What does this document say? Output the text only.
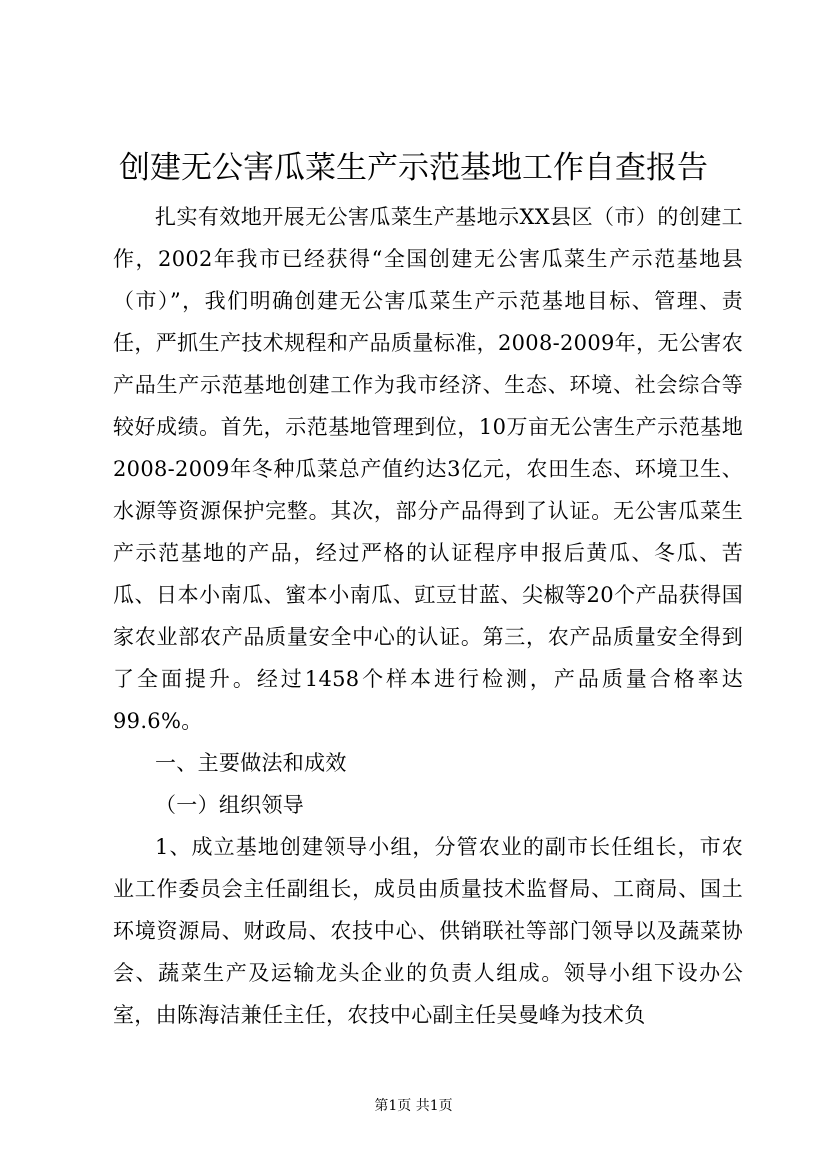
创建无公害瓜菜生产示范基地工作自查报告

扎实有效地开展无公害瓜菜生产基地示XX县区（市）的创建工作，2002年我市已经获得“全国创建无公害瓜菜生产示范基地县（市）”，我们明确创建无公害瓜菜生产示范基地目标、管理、责任，严抓生产技术规程和产品质量标准，2008-2009年，无公害农产品生产示范基地创建工作为我市经济、生态、环境、社会综合等较好成绩。首先，示范基地管理到位，10万亩无公害生产示范基地2008-2009年冬种瓜菜总产值约达3亿元，农田生态、环境卫生、水源等资源保护完整。其次，部分产品得到了认证。无公害瓜菜生产示范基地的产品，经过严格的认证程序申报后黄瓜、冬瓜、苦瓜、日本小南瓜、蜜本小南瓜、豇豆甘蓝、尖椒等20个产品获得国家农业部农产品质量安全中心的认证。第三，农产品质量安全得到了全面提升。经过1458个样本进行检测，产品质量合格率达99.6%。

一、主要做法和成效

（一）组织领导

1、成立基地创建领导小组，分管农业的副市长任组长，市农业工作委员会主任副组长，成员由质量技术监督局、工商局、国土环境资源局、财政局、农技中心、供销联社等部门领导以及蔬菜协会、蔬菜生产及运输龙头企业的负责人组成。领导小组下设办公室，由陈海洁兼任主任，农技中心副主任吴曼峰为技术负

第1页 共1页
